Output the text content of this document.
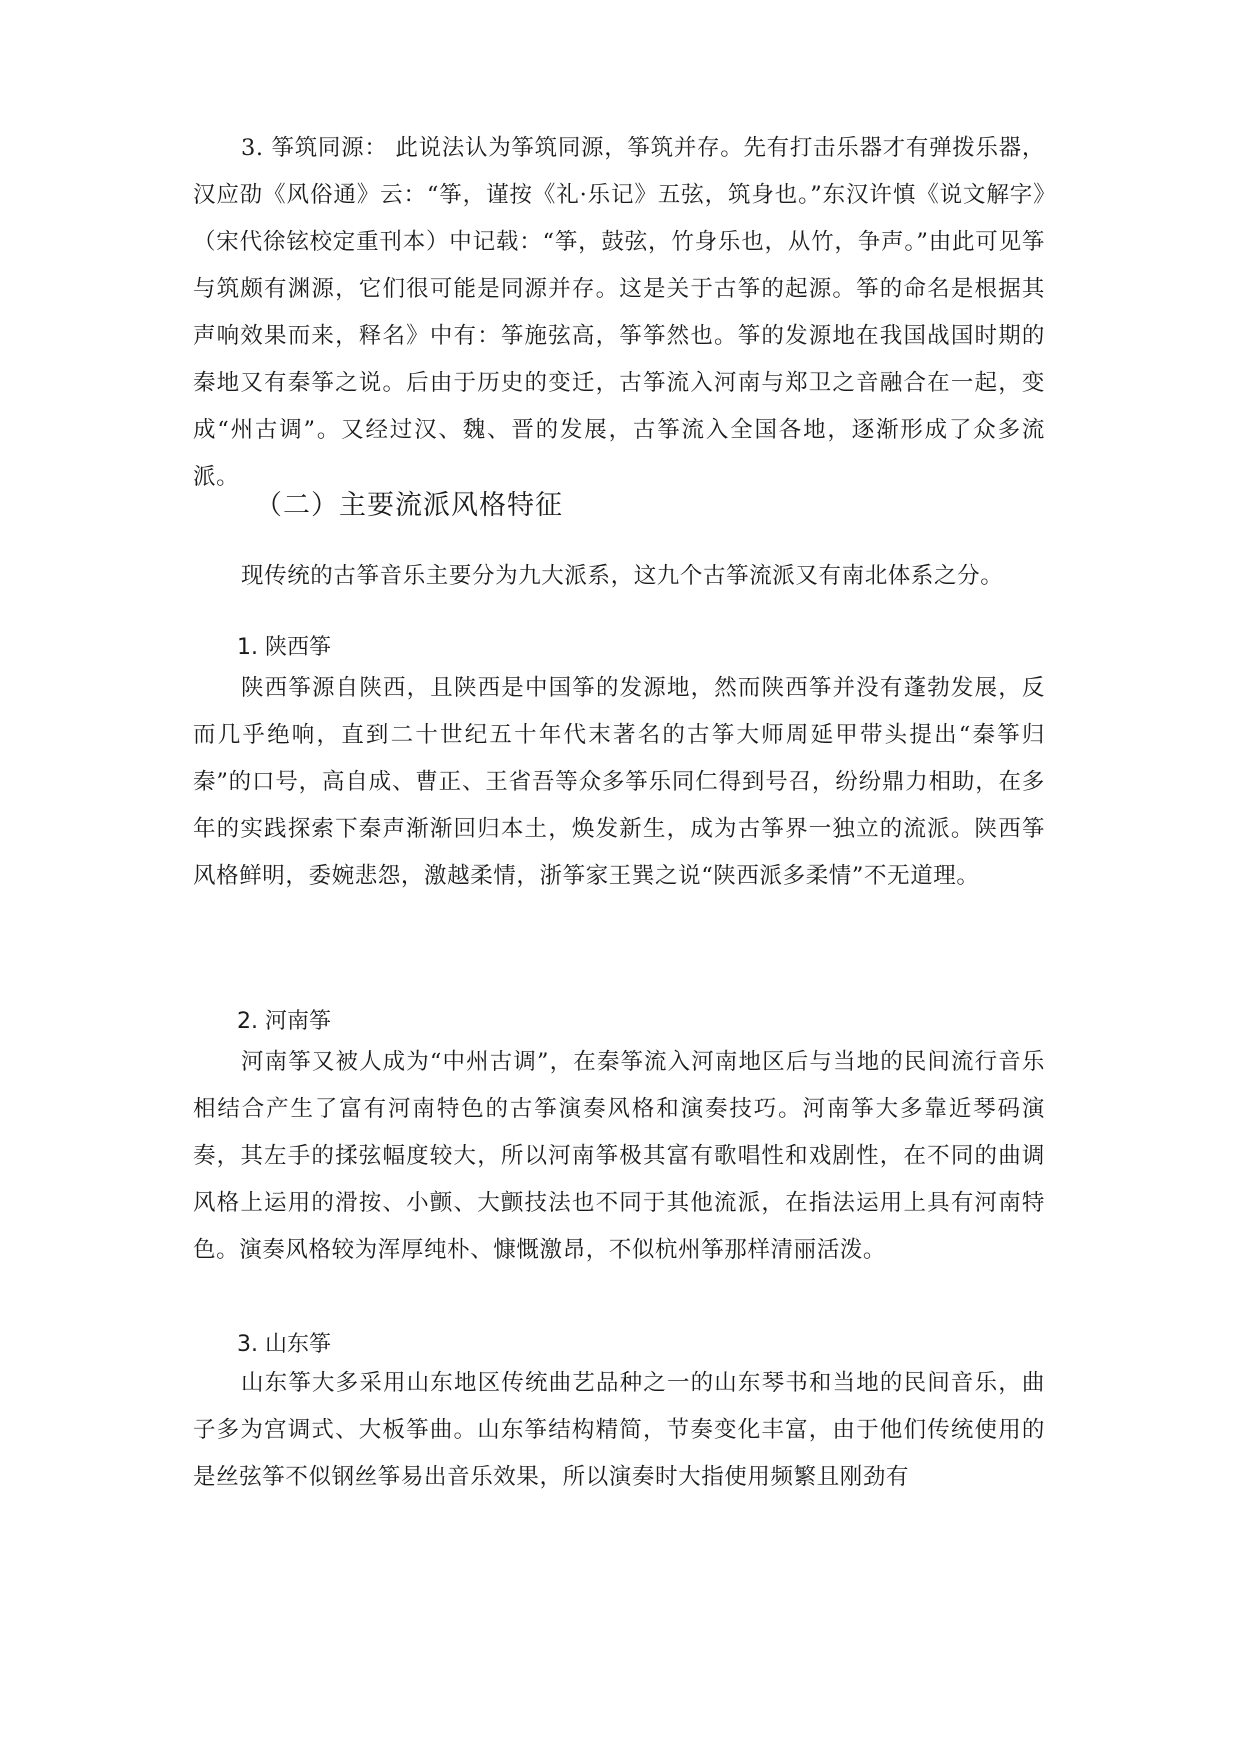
3. 筝筑同源： 此说法认为筝筑同源，筝筑并存。先有打击乐器才有弹拨乐器，汉应劭《风俗通》云：“筝，谨按《礼·乐记》五弦，筑身也。”东汉许慎《说文解字》（宋代徐铉校定重刊本）中记载：“筝，鼓弦，竹身乐也，从竹，争声。”由此可见筝与筑颇有渊源，它们很可能是同源并存。这是关于古筝的起源。筝的命名是根据其声响效果而来，释名》中有：筝施弦高，筝筝然也。筝的发源地在我国战国时期的秦地又有秦筝之说。后由于历史的变迁，古筝流入河南与郑卫之音融合在一起，变成“州古调”。又经过汉、魏、晋的发展，古筝流入全国各地，逐渐形成了众多流派。

（二）主要流派风格特征

现传统的古筝音乐主要分为九大派系，这九个古筝流派又有南北体系之分。

1. 陕西筝

陕西筝源自陕西，且陕西是中国筝的发源地，然而陕西筝并没有蓬勃发展，反而几乎绝响，直到二十世纪五十年代末著名的古筝大师周延甲带头提出“秦筝归秦”的口号，高自成、曹正、王省吾等众多筝乐同仁得到号召，纷纷鼎力相助，在多年的实践探索下秦声渐渐回归本土，焕发新生，成为古筝界一独立的流派。陕西筝风格鲜明，委婉悲怨，激越柔情，浙筝家王巽之说“陕西派多柔情”不无道理。

2. 河南筝

河南筝又被人成为“中州古调”，在秦筝流入河南地区后与当地的民间流行音乐相结合产生了富有河南特色的古筝演奏风格和演奏技巧。河南筝大多靠近琴码演奏，其左手的揉弦幅度较大，所以河南筝极其富有歌唱性和戏剧性，在不同的曲调风格上运用的滑按、小颤、大颤技法也不同于其他流派，在指法运用上具有河南特色。演奏风格较为浑厚纯朴、慷慨激昂，不似杭州筝那样清丽活泼。

3. 山东筝

山东筝大多采用山东地区传统曲艺品种之一的山东琴书和当地的民间音乐，曲子多为宫调式、大板筝曲。山东筝结构精简，节奏变化丰富，由于他们传统使用的是丝弦筝不似钢丝筝易出音乐效果，所以演奏时大指使用频繁且刚劲有
